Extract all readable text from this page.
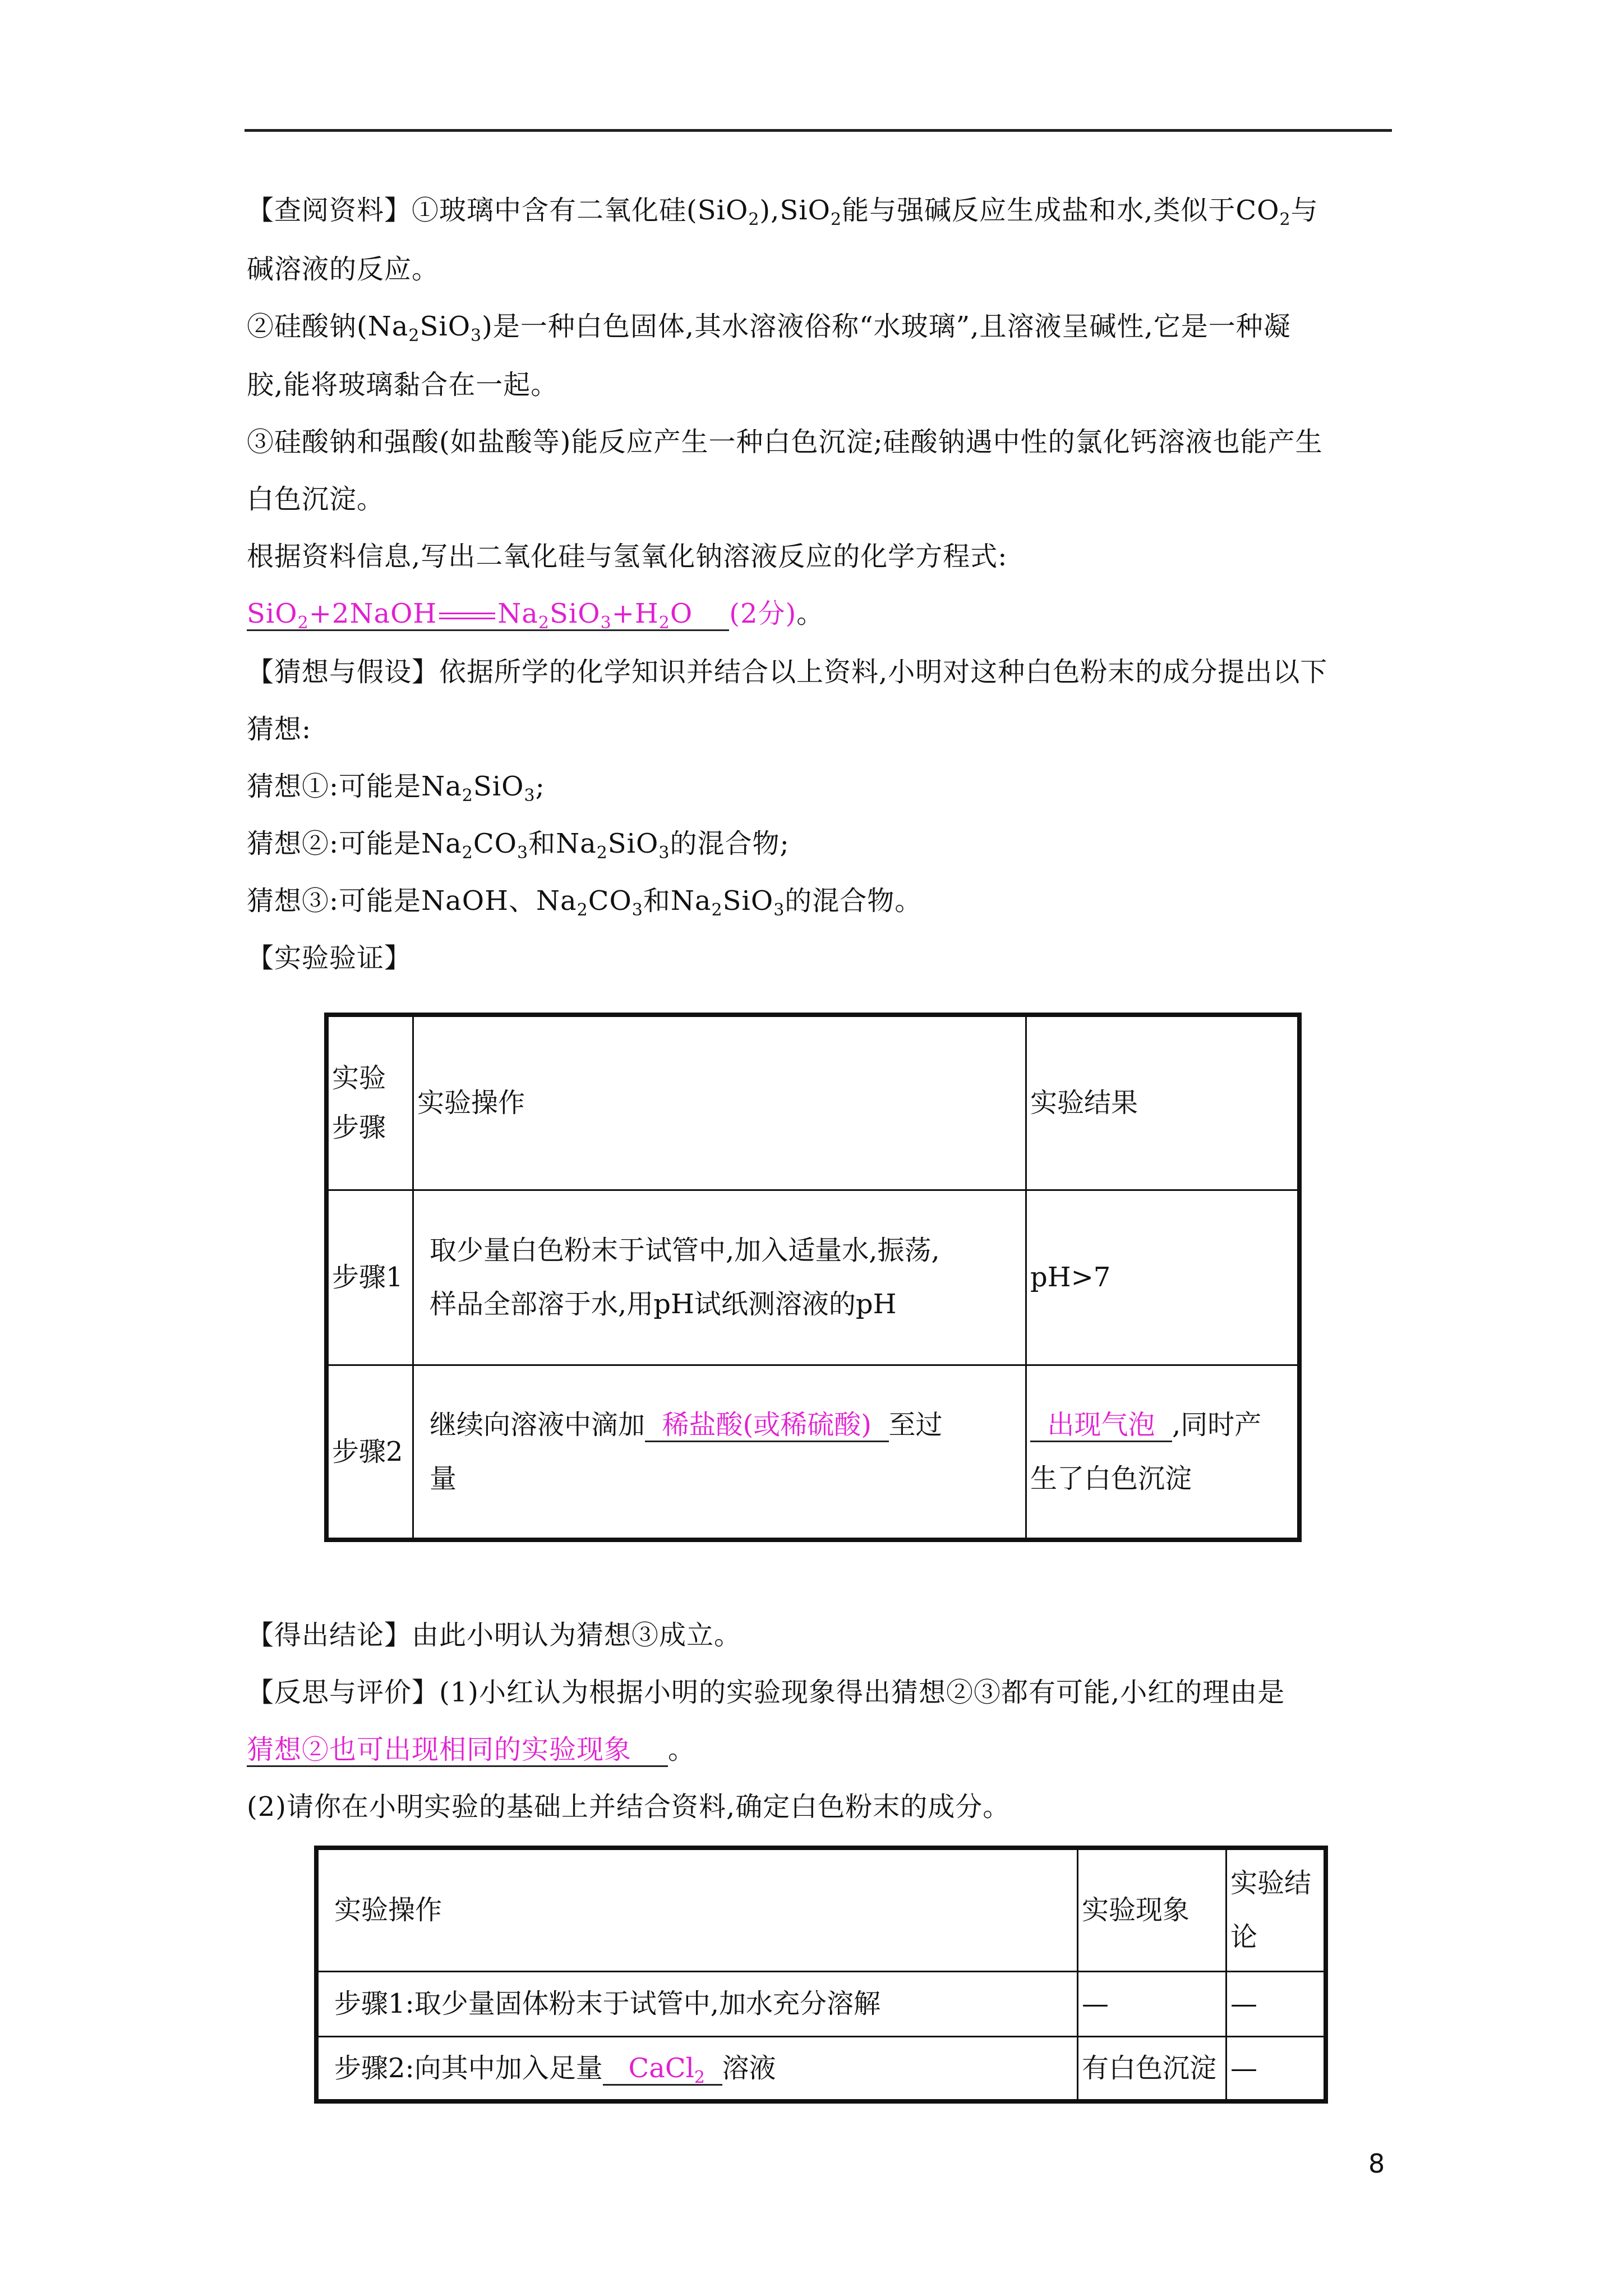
【查阅资料】①玻璃中含有二氧化硅(SiO$_2$),SiO$_2$能与强碱反应生成盐和水,类似于$CO_2$与
碱溶液的反应。
②硅酸钠$(Na_2SiO_3)$是一种白色固体,其水溶液俗称“水玻璃”,且溶液呈碱性,它是一种凝
胶,能将玻璃黏合在一起。
③硅酸钠和强酸(如盐酸等)能反应产生一种白色沉淀;硅酸钠遇中性的氯化钙溶液也能产生
白色沉淀。
根据资料信息,写出二氧化硅与氢氧化钠溶液反应的化学方程式:
SiO$_2$+2NaOH $Na_2SiO_3+H_2O$ (2分)。
【猜想与假设】依据所学的化学知识并结合以上资料,小明对这种白色粉末的成分提出以下
猜想:
猜想①:可能是$Na_2SiO_3$;
猜想②:可能是$Na_2CO_3$和$Na_2SiO_3$的混合物;
猜想③:可能是NaOH、$Na_2CO_3$和$Na_2SiO_3$的混合物。
【实验验证】
实验
步骤	实验操作	实验结果
步骤1	取少量白色粉末于试管中,加入适量水,振荡,
样品全部溶于水,用pH试纸测溶液的pH	pH>7
步骤2	继续向溶液中滴加 稀盐酸(或稀硫酸) 至过
量	出现气泡 ,同时产
生了白色沉淀
【得出结论】由此小明认为猜想③成立。
【反思与评价】(1)小红认为根据小明的实验现象得出猜想②③都有可能,小红的理由是
猜想②也可出现相同的实验现象 。
(2)请你在小明实验的基础上并结合资料,确定白色粉末的成分。
实验操作	实验现象	实验结
论
步骤1:取少量固体粉末于试管中,加水充分溶解	—	—
步骤2:向其中加入足量 CaCl$_2$ 溶液	有白色沉淀	—
8
